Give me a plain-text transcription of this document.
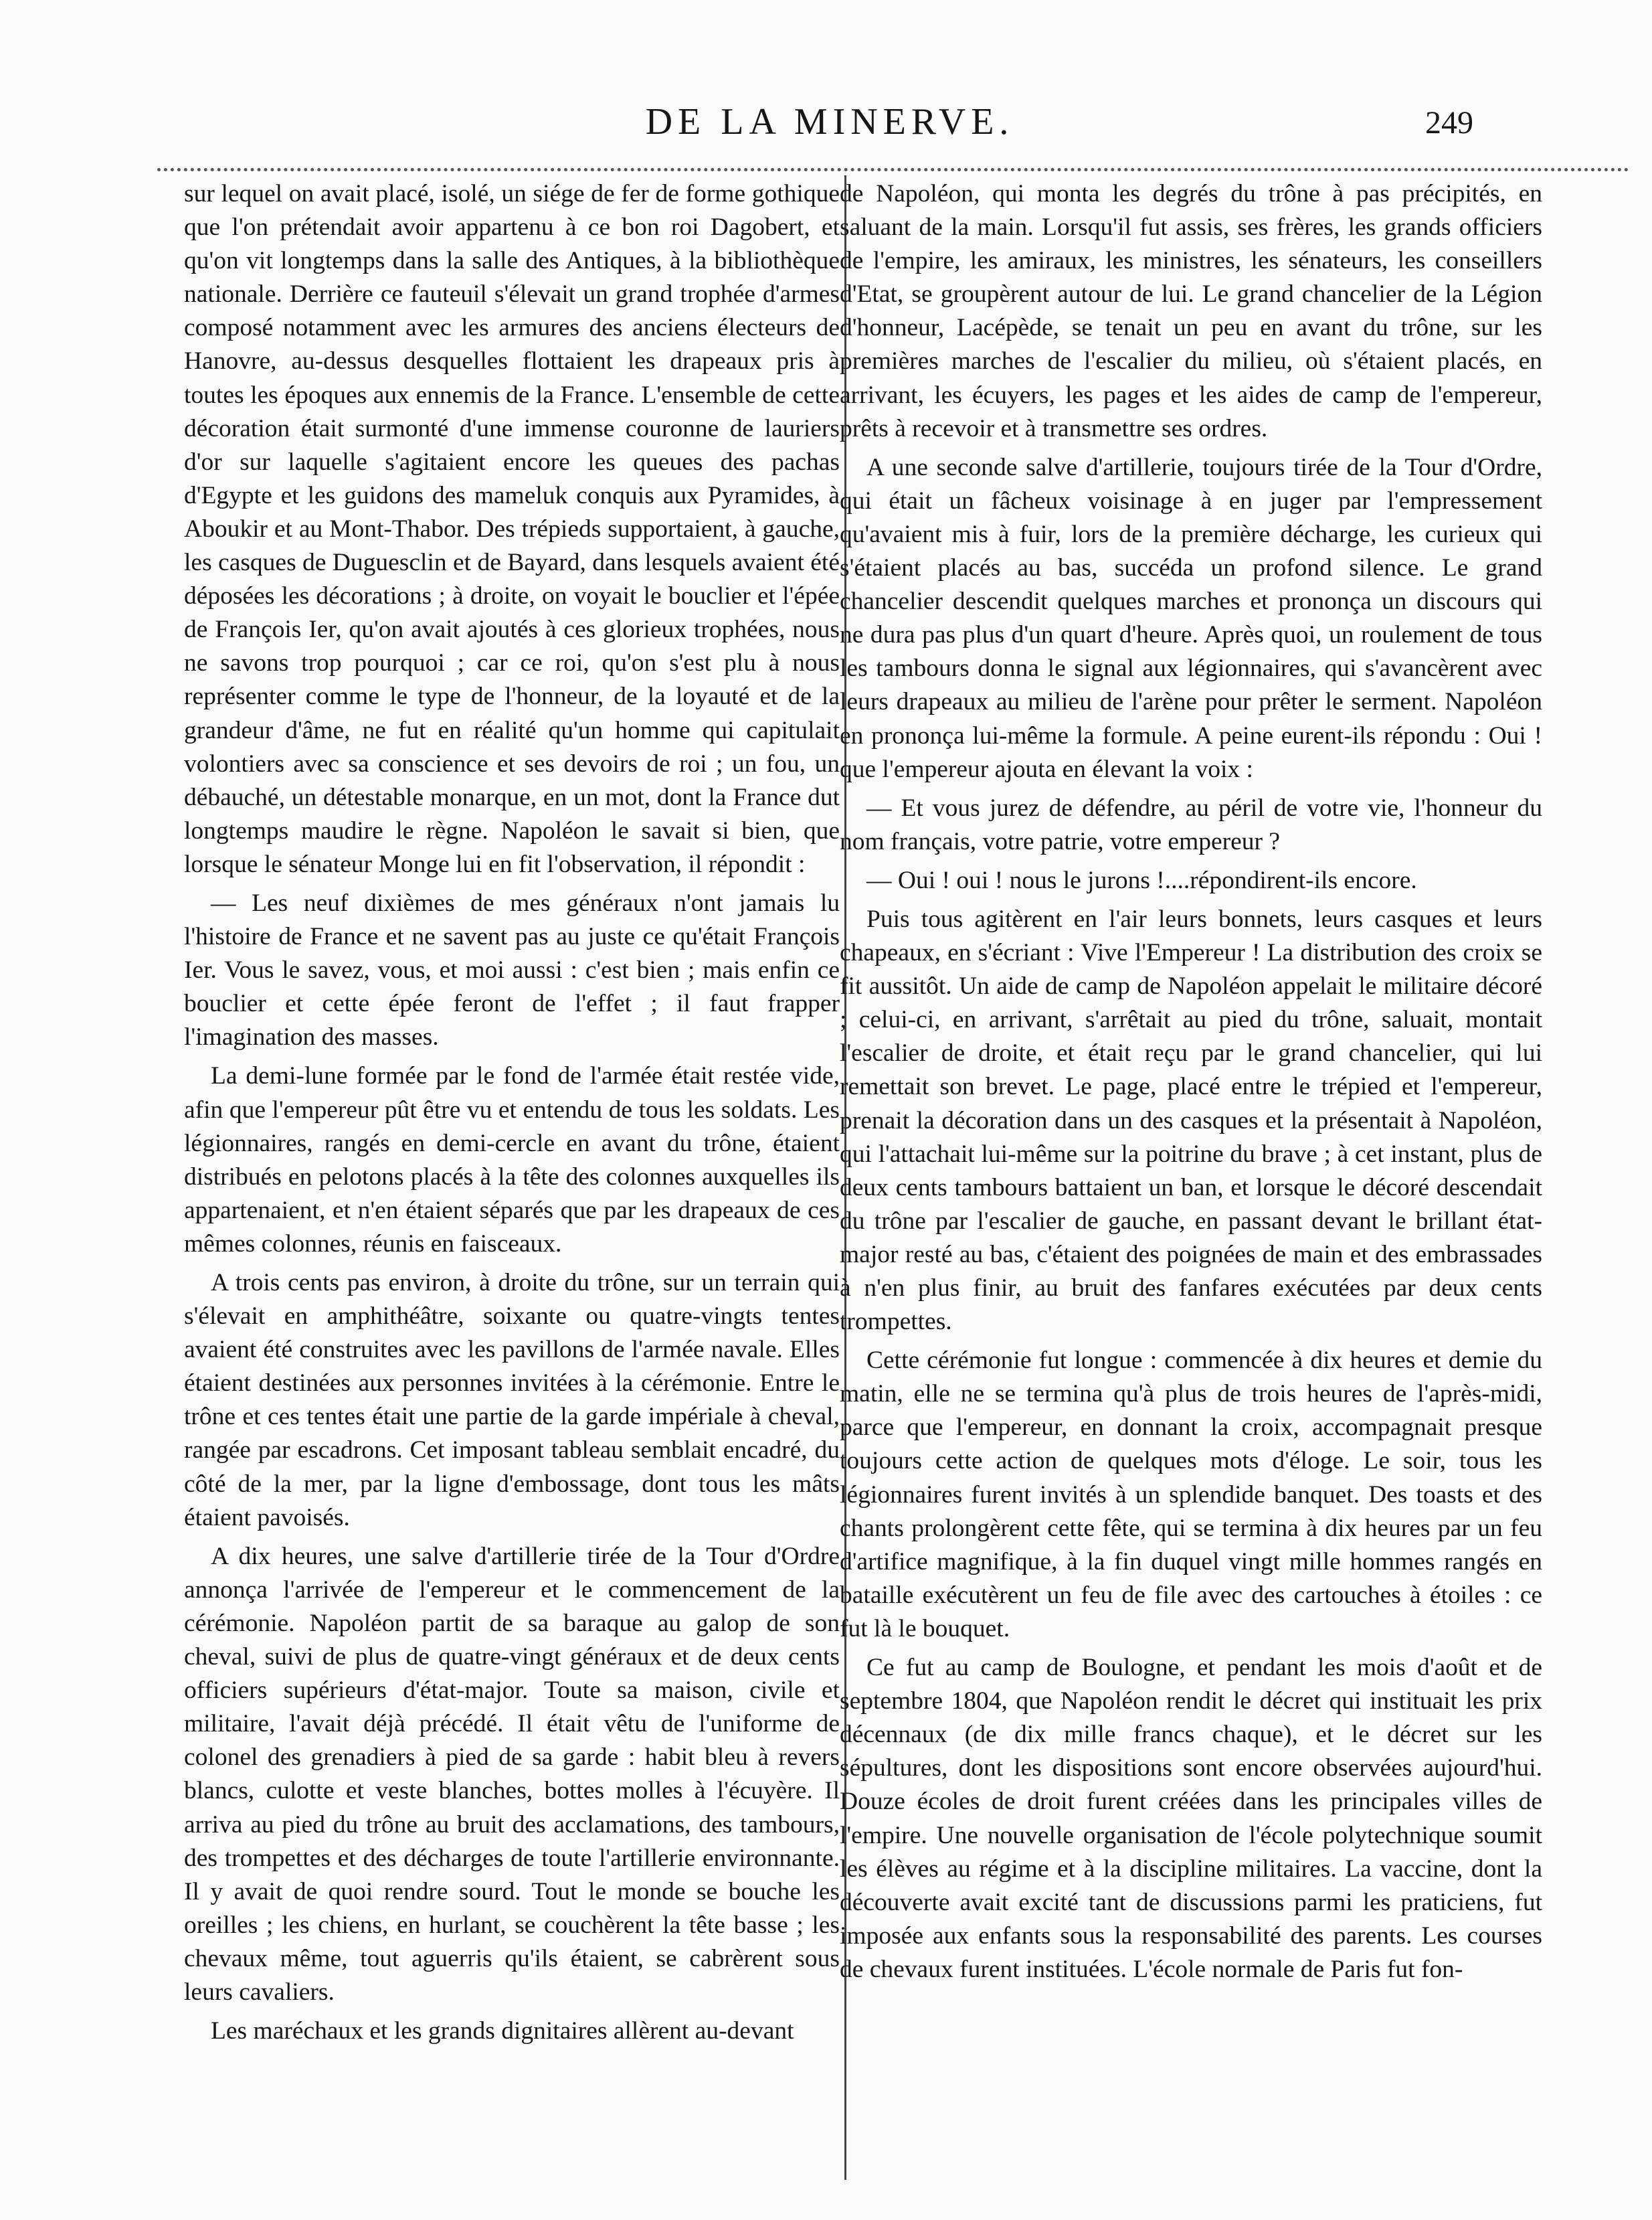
DE LA MINERVE.	249

sur lequel on avait placé, isolé, un siége de fer de forme gothique que l'on prétendait avoir appartenu à ce bon roi Dagobert, et qu'on vit longtemps dans la salle des Antiques, à la bibliothèque nationale. Derrière ce fauteuil s'élevait un grand trophée d'armes composé notamment avec les armures des anciens électeurs de Hanovre, au-dessus desquelles flottaient les drapeaux pris à toutes les époques aux ennemis de la France. L'ensemble de cette décoration était surmonté d'une immense couronne de lauriers d'or sur laquelle s'agitaient encore les queues des pachas d'Egypte et les guidons des mameluk conquis aux Pyramides, à Aboukir et au Mont-Thabor. Des trépieds supportaient, à gauche, les casques de Duguesclin et de Bayard, dans lesquels avaient été déposées les décorations ; à droite, on voyait le bouclier et l'épée de François Ier, qu'on avait ajoutés à ces glorieux trophées, nous ne savons trop pourquoi ; car ce roi, qu'on s'est plu à nous représenter comme le type de l'honneur, de la loyauté et de la grandeur d'âme, ne fut en réalité qu'un homme qui capitulait volontiers avec sa conscience et ses devoirs de roi ; un fou, un débauché, un détestable monarque, en un mot, dont la France dut longtemps maudire le règne. Napoléon le savait si bien, que lorsque le sénateur Monge lui en fit l'observation, il répondit :

— Les neuf dixièmes de mes généraux n'ont jamais lu l'histoire de France et ne savent pas au juste ce qu'était François Ier. Vous le savez, vous, et moi aussi : c'est bien ; mais enfin ce bouclier et cette épée feront de l'effet ; il faut frapper l'imagination des masses.

La demi-lune formée par le fond de l'armée était restée vide, afin que l'empereur pût être vu et entendu de tous les soldats. Les légionnaires, rangés en demi-cercle en avant du trône, étaient distribués en pelotons placés à la tête des colonnes auxquelles ils appartenaient, et n'en étaient séparés que par les drapeaux de ces mêmes colonnes, réunis en faisceaux.

A trois cents pas environ, à droite du trône, sur un terrain qui s'élevait en amphithéâtre, soixante ou quatre-vingts tentes avaient été construites avec les pavillons de l'armée navale. Elles étaient destinées aux personnes invitées à la cérémonie. Entre le trône et ces tentes était une partie de la garde impériale à cheval, rangée par escadrons. Cet imposant tableau semblait encadré, du côté de la mer, par la ligne d'embossage, dont tous les mâts étaient pavoisés.

A dix heures, une salve d'artillerie tirée de la Tour d'Ordre annonça l'arrivée de l'empereur et le commencement de la cérémonie. Napoléon partit de sa baraque au galop de son cheval, suivi de plus de quatre-vingt généraux et de deux cents officiers supérieurs d'état-major. Toute sa maison, civile et militaire, l'avait déjà précédé. Il était vêtu de l'uniforme de colonel des grenadiers à pied de sa garde : habit bleu à revers blancs, culotte et veste blanches, bottes molles à l'écuyère. Il arriva au pied du trône au bruit des acclamations, des tambours, des trompettes et des décharges de toute l'artillerie environnante. Il y avait de quoi rendre sourd. Tout le monde se bouche les oreilles ; les chiens, en hurlant, se couchèrent la tête basse ; les chevaux même, tout aguerris qu'ils étaient, se cabrèrent sous leurs cavaliers.

Les maréchaux et les grands dignitaires allèrent au-devant

de Napoléon, qui monta les degrés du trône à pas précipités, en saluant de la main. Lorsqu'il fut assis, ses frères, les grands officiers de l'empire, les amiraux, les ministres, les sénateurs, les conseillers d'Etat, se groupèrent autour de lui. Le grand chancelier de la Légion d'honneur, Lacépède, se tenait un peu en avant du trône, sur les premières marches de l'escalier du milieu, où s'étaient placés, en arrivant, les écuyers, les pages et les aides de camp de l'empereur, prêts à recevoir et à transmettre ses ordres.

A une seconde salve d'artillerie, toujours tirée de la Tour d'Ordre, qui était un fâcheux voisinage à en juger par l'empressement qu'avaient mis à fuir, lors de la première décharge, les curieux qui s'étaient placés au bas, succéda un profond silence. Le grand chancelier descendit quelques marches et prononça un discours qui ne dura pas plus d'un quart d'heure. Après quoi, un roulement de tous les tambours donna le signal aux légionnaires, qui s'avancèrent avec leurs drapeaux au milieu de l'arène pour prêter le serment. Napoléon en prononça lui-même la formule. A peine eurent-ils répondu : Oui ! que l'empereur ajouta en élevant la voix :

— Et vous jurez de défendre, au péril de votre vie, l'honneur du nom français, votre patrie, votre empereur ?

— Oui ! oui ! nous le jurons !....répondirent-ils encore.

Puis tous agitèrent en l'air leurs bonnets, leurs casques et leurs chapeaux, en s'écriant : Vive l'Empereur ! La distribution des croix se fit aussitôt. Un aide de camp de Napoléon appelait le militaire décoré ; celui-ci, en arrivant, s'arrêtait au pied du trône, saluait, montait l'escalier de droite, et était reçu par le grand chancelier, qui lui remettait son brevet. Le page, placé entre le trépied et l'empereur, prenait la décoration dans un des casques et la présentait à Napoléon, qui l'attachait lui-même sur la poitrine du brave ; à cet instant, plus de deux cents tambours battaient un ban, et lorsque le décoré descendait du trône par l'escalier de gauche, en passant devant le brillant état-major resté au bas, c'étaient des poignées de main et des embrassades à n'en plus finir, au bruit des fanfares exécutées par deux cents trompettes.

Cette cérémonie fut longue : commencée à dix heures et demie du matin, elle ne se termina qu'à plus de trois heures de l'après-midi, parce que l'empereur, en donnant la croix, accompagnait presque toujours cette action de quelques mots d'éloge. Le soir, tous les légionnaires furent invités à un splendide banquet. Des toasts et des chants prolongèrent cette fête, qui se termina à dix heures par un feu d'artifice magnifique, à la fin duquel vingt mille hommes rangés en bataille exécutèrent un feu de file avec des cartouches à étoiles : ce fut là le bouquet.

Ce fut au camp de Boulogne, et pendant les mois d'août et de septembre 1804, que Napoléon rendit le décret qui instituait les prix décennaux (de dix mille francs chaque), et le décret sur les sépultures, dont les dispositions sont encore observées aujourd'hui. Douze écoles de droit furent créées dans les principales villes de l'empire. Une nouvelle organisation de l'école polytechnique soumit les élèves au régime et à la discipline militaires. La vaccine, dont la découverte avait excité tant de discussions parmi les praticiens, fut imposée aux enfants sous la responsabilité des parents. Les courses de chevaux furent instituées. L'école normale de Paris fut fon-
